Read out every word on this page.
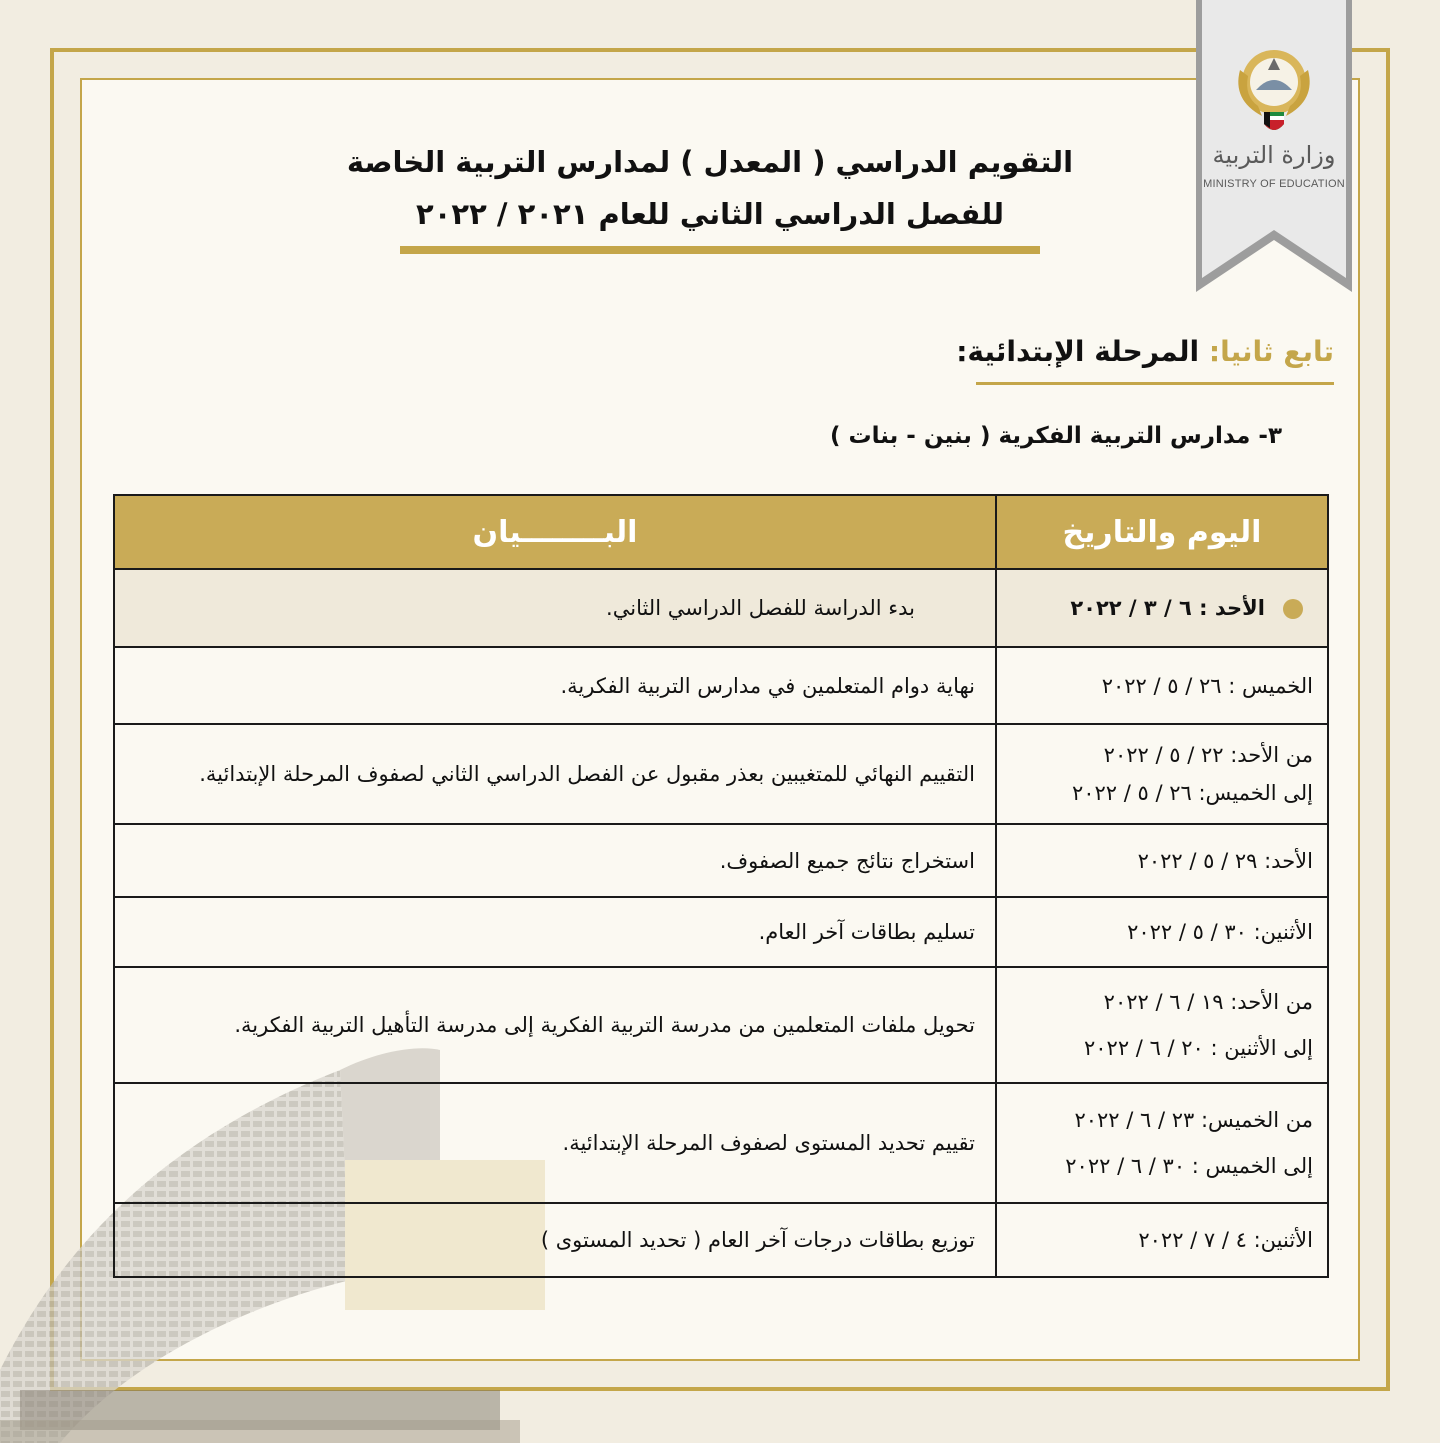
وزارة التربية
MINISTRY OF EDUCATION
التقويم الدراسي ( المعدل ) لمدارس التربية الخاصة
للفصل الدراسي الثاني للعام ٢٠٢١ / ٢٠٢٢
تابع ثانيا: المرحلة الإبتدائية:
٣- مدارس التربية الفكرية ( بنين - بنات )
اليوم والتاريخ	البــــــــيان
الأحد : ٦ / ٣ / ٢٠٢٢	بدء الدراسة للفصل الدراسي الثاني.

الخميس : ٢٦ / ٥ / ٢٠٢٢	نهاية دوام المتعلمين في مدارس التربية الفكرية.

من الأحد: ٢٢ / ٥ / ٢٠٢٢
إلى الخميس: ٢٦ / ٥ / ٢٠٢٢	التقييم النهائي للمتغيبين بعذر مقبول عن الفصل الدراسي الثاني لصفوف المرحلة الإبتدائية.

الأحد: ٢٩ / ٥ / ٢٠٢٢	استخراج نتائج جميع الصفوف.

الأثنين: ٣٠ / ٥ / ٢٠٢٢	تسليم بطاقات آخر العام.

من الأحد: ١٩ / ٦ / ٢٠٢٢
إلى الأثنين : ٢٠ / ٦ / ٢٠٢٢	تحويل ملفات المتعلمين من مدرسة التربية الفكرية إلى مدرسة التأهيل التربية الفكرية.

من الخميس: ٢٣ / ٦ / ٢٠٢٢
إلى الخميس : ٣٠ / ٦ / ٢٠٢٢	تقييم تحديد المستوى لصفوف المرحلة الإبتدائية.

الأثنين: ٤ / ٧ / ٢٠٢٢	توزيع بطاقات درجات آخر العام ( تحديد المستوى )
